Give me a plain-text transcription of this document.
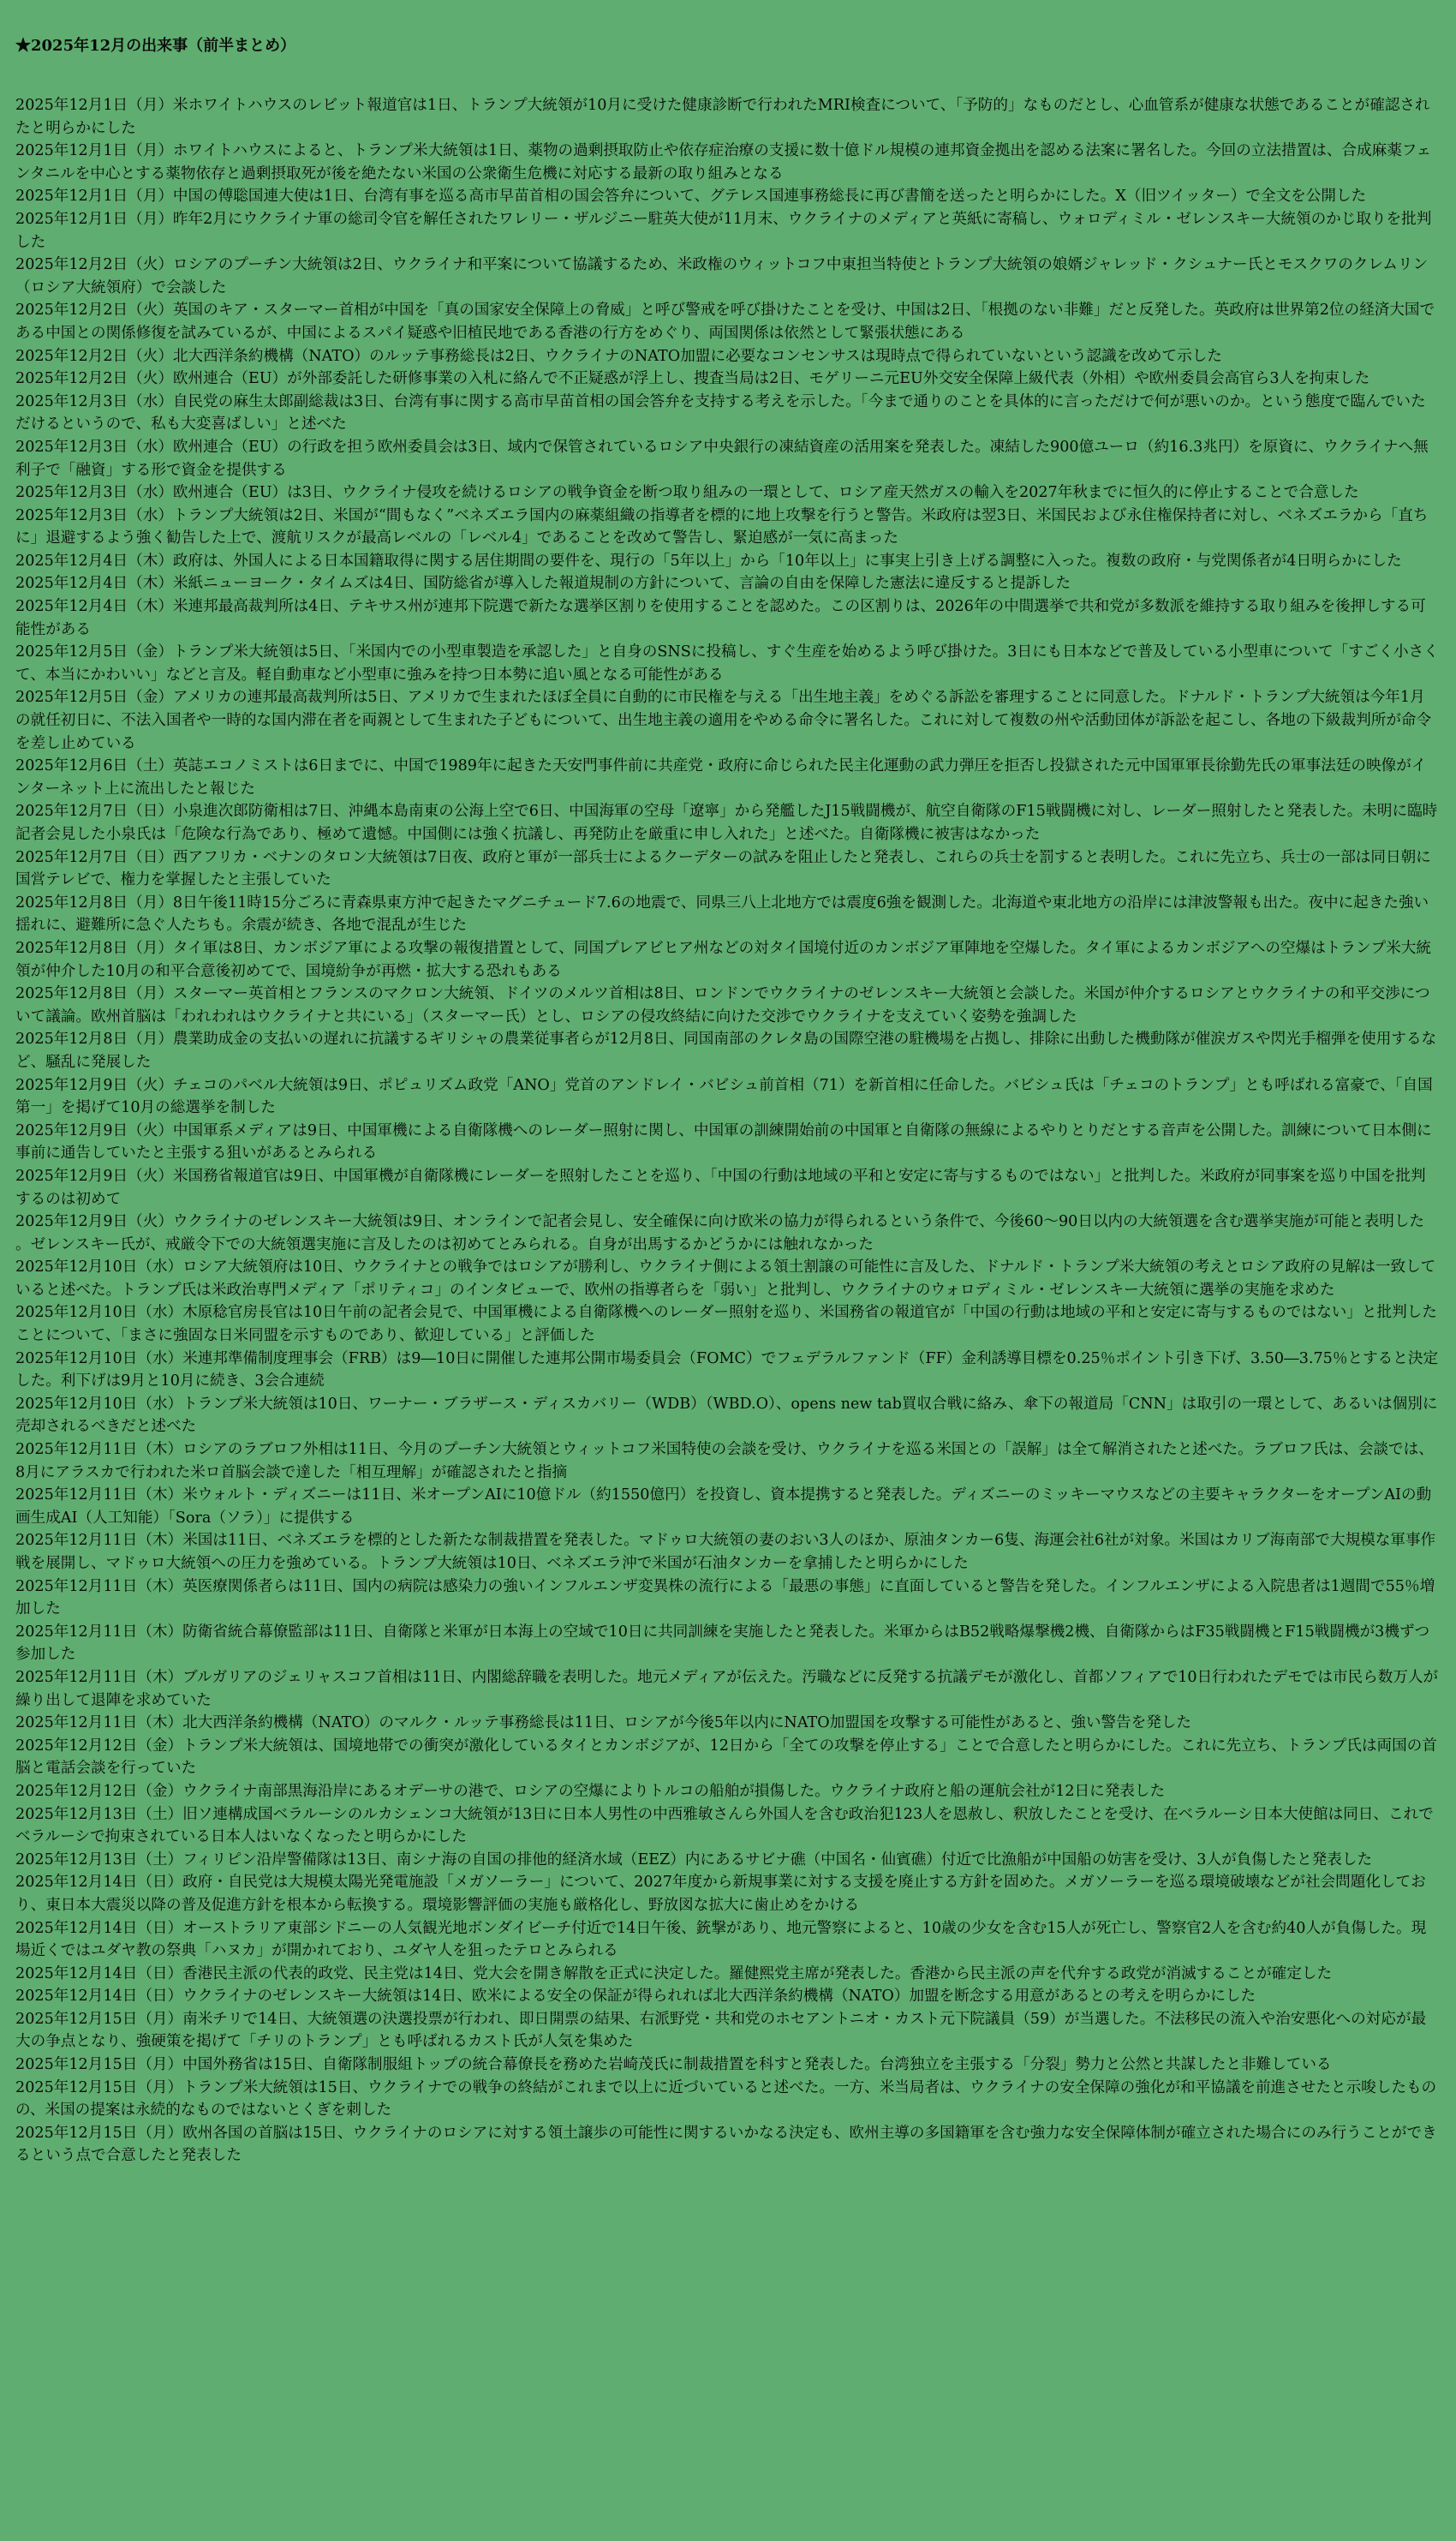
★2025年12月の出来事（前半まとめ）
2025年12月1日（月）米ホワイトハウスのレビット報道官は1日、トランプ大統領が10月に受けた健康診断で行われたMRI検査について、「予防的」なものだとし、心血管系が健康な状態であることが確認されたと明らかにした
2025年12月1日（月）ホワイトハウスによると、トランプ米大統領は1日、薬物の過剰摂取防止や依存症治療の支援に数十億ドル規模の連邦資金拠出を認める法案に署名した。今回の立法措置は、合成麻薬フェンタニルを中心とする薬物依存と過剰摂取死が後を絶たない米国の公衆衛生危機に対応する最新の取り組みとなる
2025年12月1日（月）中国の傅聡国連大使は1日、台湾有事を巡る高市早苗首相の国会答弁について、グテレス国連事務総長に再び書簡を送ったと明らかにした。X（旧ツイッター）で全文を公開した
2025年12月1日（月）昨年2月にウクライナ軍の総司令官を解任されたワレリー・ザルジニー駐英大使が11月末、ウクライナのメディアと英紙に寄稿し、ウォロディミル・ゼレンスキー大統領のかじ取りを批判した
2025年12月2日（火）ロシアのプーチン大統領は2日、ウクライナ和平案について協議するため、米政権のウィットコフ中東担当特使とトランプ大統領の娘婿ジャレッド・クシュナー氏とモスクワのクレムリン（ロシア大統領府）で会談した
2025年12月2日（火）英国のキア・スターマー首相が中国を「真の国家安全保障上の脅威」と呼び警戒を呼び掛けたことを受け、中国は2日、「根拠のない非難」だと反発した。英政府は世界第2位の経済大国である中国との関係修復を試みているが、中国によるスパイ疑惑や旧植民地である香港の行方をめぐり、両国関係は依然として緊張状態にある
2025年12月2日（火）北大西洋条約機構（NATO）のルッテ事務総長は2日、ウクライナのNATO加盟に必要なコンセンサスは現時点で得られていないという認識を改めて示した
2025年12月2日（火）欧州連合（EU）が外部委託した研修事業の入札に絡んで不正疑惑が浮上し、捜査当局は2日、モゲリーニ元EU外交安全保障上級代表（外相）や欧州委員会高官ら3人を拘束した
2025年12月3日（水）自民党の麻生太郎副総裁は3日、台湾有事に関する高市早苗首相の国会答弁を支持する考えを示した。「今まで通りのことを具体的に言っただけで何が悪いのか。という態度で臨んでいただけるというので、私も大変喜ばしい」と述べた
2025年12月3日（水）欧州連合（EU）の行政を担う欧州委員会は3日、域内で保管されているロシア中央銀行の凍結資産の活用案を発表した。凍結した900億ユーロ（約16.3兆円）を原資に、ウクライナへ無利子で「融資」する形で資金を提供する
2025年12月3日（水）欧州連合（EU）は3日、ウクライナ侵攻を続けるロシアの戦争資金を断つ取り組みの一環として、ロシア産天然ガスの輸入を2027年秋までに恒久的に停止することで合意した
2025年12月3日（水）トランプ大統領は2日、米国が“間もなく”ベネズエラ国内の麻薬組織の指導者を標的に地上攻撃を行うと警告。米政府は翌3日、米国民および永住権保持者に対し、ベネズエラから「直ちに」退避するよう強く勧告した上で、渡航リスクが最高レベルの「レベル4」であることを改めて警告し、緊迫感が一気に高まった
2025年12月4日（木）政府は、外国人による日本国籍取得に関する居住期間の要件を、現行の「5年以上」から「10年以上」に事実上引き上げる調整に入った。複数の政府・与党関係者が4日明らかにした
2025年12月4日（木）米紙ニューヨーク・タイムズは4日、国防総省が導入した報道規制の方針について、言論の自由を保障した憲法に違反すると提訴した
2025年12月4日（木）米連邦最高裁判所は4日、テキサス州が連邦下院選で新たな選挙区割りを使用することを認めた。この区割りは、2026年の中間選挙で共和党が多数派を維持する取り組みを後押しする可能性がある
2025年12月5日（金）トランプ米大統領は5日、「米国内での小型車製造を承認した」と自身のSNSに投稿し、すぐ生産を始めるよう呼び掛けた。3日にも日本などで普及している小型車について「すごく小さくて、本当にかわいい」などと言及。軽自動車など小型車に強みを持つ日本勢に追い風となる可能性がある
2025年12月5日（金）アメリカの連邦最高裁判所は5日、アメリカで生まれたほぼ全員に自動的に市民権を与える「出生地主義」をめぐる訴訟を審理することに同意した。ドナルド・トランプ大統領は今年1月の就任初日に、不法入国者や一時的な国内滞在者を両親として生まれた子どもについて、出生地主義の適用をやめる命令に署名した。これに対して複数の州や活動団体が訴訟を起こし、各地の下級裁判所が命令を差し止めている
2025年12月6日（土）英誌エコノミストは6日までに、中国で1989年に起きた天安門事件前に共産党・政府に命じられた民主化運動の武力弾圧を拒否し投獄された元中国軍軍長徐勤先氏の軍事法廷の映像がインターネット上に流出したと報じた
2025年12月7日（日）小泉進次郎防衛相は7日、沖縄本島南東の公海上空で6日、中国海軍の空母「遼寧」から発艦したJ15戦闘機が、航空自衛隊のF15戦闘機に対し、レーダー照射したと発表した。未明に臨時記者会見した小泉氏は「危険な行為であり、極めて遺憾。中国側には強く抗議し、再発防止を厳重に申し入れた」と述べた。自衛隊機に被害はなかった
2025年12月7日（日）西アフリカ・ベナンのタロン大統領は7日夜、政府と軍が一部兵士によるクーデターの試みを阻止したと発表し、これらの兵士を罰すると表明した。これに先立ち、兵士の一部は同日朝に国営テレビで、権力を掌握したと主張していた
2025年12月8日（月）8日午後11時15分ごろに青森県東方沖で起きたマグニチュード7.6の地震で、同県三八上北地方では震度6強を観測した。北海道や東北地方の沿岸には津波警報も出た。夜中に起きた強い揺れに、避難所に急ぐ人たちも。余震が続き、各地で混乱が生じた
2025年12月8日（月）タイ軍は8日、カンボジア軍による攻撃の報復措置として、同国プレアビヒア州などの対タイ国境付近のカンボジア軍陣地を空爆した。タイ軍によるカンボジアへの空爆はトランプ米大統領が仲介した10月の和平合意後初めてで、国境紛争が再燃・拡大する恐れもある
2025年12月8日（月）スターマー英首相とフランスのマクロン大統領、ドイツのメルツ首相は8日、ロンドンでウクライナのゼレンスキー大統領と会談した。米国が仲介するロシアとウクライナの和平交渉について議論。欧州首脳は「われわれはウクライナと共にいる」（スターマー氏）とし、ロシアの侵攻終結に向けた交渉でウクライナを支えていく姿勢を強調した
2025年12月8日（月）農業助成金の支払いの遅れに抗議するギリシャの農業従事者らが12月8日、同国南部のクレタ島の国際空港の駐機場を占拠し、排除に出動した機動隊が催涙ガスや閃光手榴弾を使用するなど、騒乱に発展した
2025年12月9日（火）チェコのパベル大統領は9日、ポピュリズム政党「ANO」党首のアンドレイ・バビシュ前首相（71）を新首相に任命した。バビシュ氏は「チェコのトランプ」とも呼ばれる富豪で、「自国第一」を掲げて10月の総選挙を制した
2025年12月9日（火）中国軍系メディアは9日、中国軍機による自衛隊機へのレーダー照射に関し、中国軍の訓練開始前の中国軍と自衛隊の無線によるやりとりだとする音声を公開した。訓練について日本側に事前に通告していたと主張する狙いがあるとみられる
2025年12月9日（火）米国務省報道官は9日、中国軍機が自衛隊機にレーダーを照射したことを巡り、「中国の行動は地域の平和と安定に寄与するものではない」と批判した。米政府が同事案を巡り中国を批判するのは初めて
2025年12月9日（火）ウクライナのゼレンスキー大統領は9日、オンラインで記者会見し、安全確保に向け欧米の協力が得られるという条件で、今後60～90日以内の大統領選を含む選挙実施が可能と表明した。ゼレンスキー氏が、戒厳令下での大統領選実施に言及したのは初めてとみられる。自身が出馬するかどうかには触れなかった
2025年12月10日（水）ロシア大統領府は10日、ウクライナとの戦争ではロシアが勝利し、ウクライナ側による領土割譲の可能性に言及した、ドナルド・トランプ米大統領の考えとロシア政府の見解は一致していると述べた。トランプ氏は米政治専門メディア「ポリティコ」のインタビューで、欧州の指導者らを「弱い」と批判し、ウクライナのウォロディミル・ゼレンスキー大統領に選挙の実施を求めた
2025年12月10日（水）木原稔官房長官は10日午前の記者会見で、中国軍機による自衛隊機へのレーダー照射を巡り、米国務省の報道官が「中国の行動は地域の平和と安定に寄与するものではない」と批判したことについて、「まさに強固な日米同盟を示すものであり、歓迎している」と評価した
2025年12月10日（水）米連邦準備制度理事会（FRB）は9―10日に開催した連邦公開市場委員会（FOMC）でフェデラルファンド（FF）金利誘導目標を0.25％ポイント引き下げ、3.50―3.75％とすると決定した。利下げは9月と10月に続き、3会合連続
2025年12月10日（水）トランプ米大統領は10日、ワーナー・ブラザース・ディスカバリー（WDB）（WBD.O）、opens new tab買収合戦に絡み、傘下の報道局「CNN」は取引の一環として、あるいは個別に売却されるべきだと述べた
2025年12月11日（木）ロシアのラブロフ外相は11日、今月のプーチン大統領とウィットコフ米国特使の会談を受け、ウクライナを巡る米国との「誤解」は全て解消されたと述べた。ラブロフ氏は、会談では、8月にアラスカで行われた米ロ首脳会談で達した「相互理解」が確認されたと指摘
2025年12月11日（木）米ウォルト・ディズニーは11日、米オープンAIに10億ドル（約1550億円）を投資し、資本提携すると発表した。ディズニーのミッキーマウスなどの主要キャラクターをオープンAIの動画生成AI（人工知能）「Sora（ソラ）」に提供する
2025年12月11日（木）米国は11日、ベネズエラを標的とした新たな制裁措置を発表した。マドゥロ大統領の妻のおい3人のほか、原油タンカー6隻、海運会社6社が対象。米国はカリブ海南部で大規模な軍事作戦を展開し、マドゥロ大統領への圧力を強めている。トランプ大統領は10日、ベネズエラ沖で米国が石油タンカーを拿捕したと明らかにした
2025年12月11日（木）英医療関係者らは11日、国内の病院は感染力の強いインフルエンザ変異株の流行による「最悪の事態」に直面していると警告を発した。インフルエンザによる入院患者は1週間で55％増加した
2025年12月11日（木）防衛省統合幕僚監部は11日、自衛隊と米軍が日本海上の空域で10日に共同訓練を実施したと発表した。米軍からはB52戦略爆撃機2機、自衛隊からはF35戦闘機とF15戦闘機が3機ずつ参加した
2025年12月11日（木）ブルガリアのジェリャスコフ首相は11日、内閣総辞職を表明した。地元メディアが伝えた。汚職などに反発する抗議デモが激化し、首都ソフィアで10日行われたデモでは市民ら数万人が繰り出して退陣を求めていた
2025年12月11日（木）北大西洋条約機構（NATO）のマルク・ルッテ事務総長は11日、ロシアが今後5年以内にNATO加盟国を攻撃する可能性があると、強い警告を発した
2025年12月12日（金）トランプ米大統領は、国境地帯での衝突が激化しているタイとカンボジアが、12日から「全ての攻撃を停止する」ことで合意したと明らかにした。これに先立ち、トランプ氏は両国の首脳と電話会談を行っていた
2025年12月12日（金）ウクライナ南部黒海沿岸にあるオデーサの港で、ロシアの空爆によりトルコの船舶が損傷した。ウクライナ政府と船の運航会社が12日に発表した
2025年12月13日（土）旧ソ連構成国ベラルーシのルカシェンコ大統領が13日に日本人男性の中西雅敏さんら外国人を含む政治犯123人を恩赦し、釈放したことを受け、在ベラルーシ日本大使館は同日、これでベラルーシで拘束されている日本人はいなくなったと明らかにした
2025年12月13日（土）フィリピン沿岸警備隊は13日、南シナ海の自国の排他的経済水域（EEZ）内にあるサビナ礁（中国名・仙賓礁）付近で比漁船が中国船の妨害を受け、3人が負傷したと発表した
2025年12月14日（日）政府・自民党は大規模太陽光発電施設「メガソーラー」について、2027年度から新規事業に対する支援を廃止する方針を固めた。メガソーラーを巡る環境破壊などが社会問題化しており、東日本大震災以降の普及促進方針を根本から転換する。環境影響評価の実施も厳格化し、野放図な拡大に歯止めをかける
2025年12月14日（日）オーストラリア東部シドニーの人気観光地ボンダイビーチ付近で14日午後、銃撃があり、地元警察によると、10歳の少女を含む15人が死亡し、警察官2人を含む約40人が負傷した。現場近くではユダヤ教の祭典「ハヌカ」が開かれており、ユダヤ人を狙ったテロとみられる
2025年12月14日（日）香港民主派の代表的政党、民主党は14日、党大会を開き解散を正式に決定した。羅健熙党主席が発表した。香港から民主派の声を代弁する政党が消滅することが確定した
2025年12月14日（日）ウクライナのゼレンスキー大統領は14日、欧米による安全の保証が得られれば北大西洋条約機構（NATO）加盟を断念する用意があるとの考えを明らかにした
2025年12月15日（月）南米チリで14日、大統領選の決選投票が行われ、即日開票の結果、右派野党・共和党のホセアントニオ・カスト元下院議員（59）が当選した。不法移民の流入や治安悪化への対応が最大の争点となり、強硬策を掲げて「チリのトランプ」とも呼ばれるカスト氏が人気を集めた
2025年12月15日（月）中国外務省は15日、自衛隊制服組トップの統合幕僚長を務めた岩崎茂氏に制裁措置を科すと発表した。台湾独立を主張する「分裂」勢力と公然と共謀したと非難している
2025年12月15日（月）トランプ米大統領は15日、ウクライナでの戦争の終結がこれまで以上に近づいていると述べた。一方、米当局者は、ウクライナの安全保障の強化が和平協議を前進させたと示唆したものの、米国の提案は永続的なものではないとくぎを刺した
2025年12月15日（月）欧州各国の首脳は15日、ウクライナのロシアに対する領土譲歩の可能性に関するいかなる決定も、欧州主導の多国籍軍を含む強力な安全保障体制が確立された場合にのみ行うことができるという点で合意したと発表した
